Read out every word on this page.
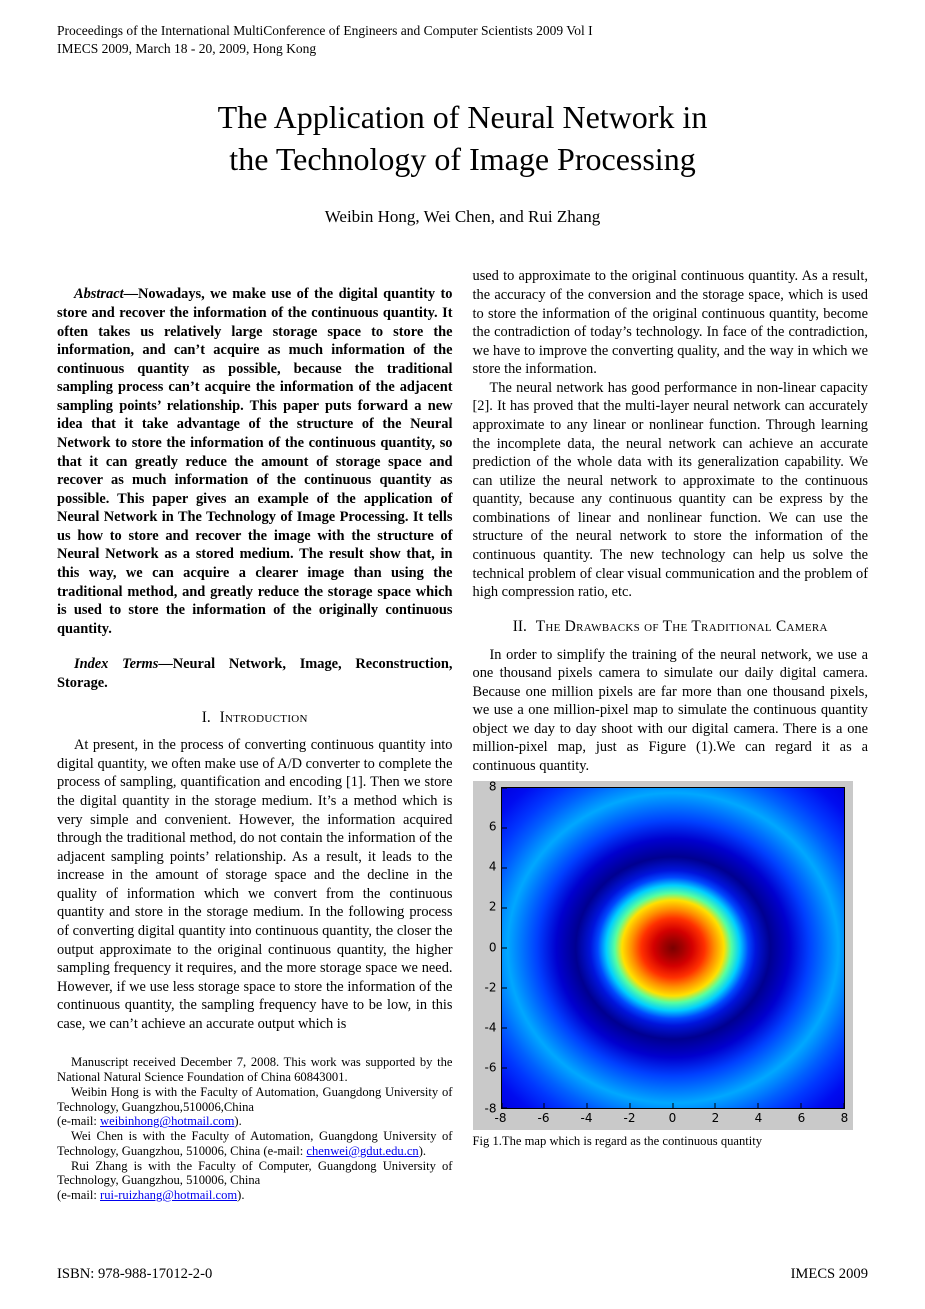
Proceedings of the International MultiConference of Engineers and Computer Scientists 2009 Vol I
IMECS 2009, March 18 - 20, 2009, Hong Kong
The Application of Neural Network in
the Technology of Image Processing
Weibin Hong, Wei Chen, and Rui Zhang

Abstract—Nowadays, we make use of the digital quantity to store and recover the information of the continuous quantity. It often takes us relatively large storage space to store the information, and can’t acquire as much information of the continuous quantity as possible, because the traditional sampling process can’t acquire the information of the adjacent sampling points’ relationship. This paper puts forward a new idea that it take advantage of the structure of the Neural Network to store the information of the continuous quantity, so that it can greatly reduce the amount of storage space and recover as much information of the continuous quantity as possible. This paper gives an example of the application of Neural Network in The Technology of Image Processing. It tells us how to store and recover the image with the structure of Neural Network as a stored medium. The result show that, in this way, we can acquire a clearer image than using the traditional method, and greatly reduce the storage space which is used to store the information of the originally continuous quantity.

Index Terms—Neural Network, Image, Reconstruction, Storage.

I. Introduction

At present, in the process of converting continuous quantity into digital quantity, we often make use of A/D converter to complete the process of sampling, quantification and encoding [1]. Then we store the digital quantity in the storage medium. It’s a method which is very simple and convenient. However, the information acquired through the traditional method, do not contain the information of the adjacent sampling points’ relationship. As a result, it leads to the increase in the amount of storage space and the decline in the quality of information which we convert from the continuous quantity and store in the storage medium. In the following process of converting digital quantity into continuous quantity, the closer the output approximate to the original continuous quantity, the higher sampling frequency it requires, and the more storage space we need. However, if we use less storage space to store the information of the continuous quantity, the sampling frequency have to be low, in this case, we can’t achieve an accurate output which is

Manuscript received December 7, 2008. This work was supported by the National Natural Science Foundation of China 60843001.

Weibin Hong is with the Faculty of Automation, Guangdong University of Technology, Guangzhou,510006,China
(e-mail: weibinhong@hotmail.com).

Wei Chen is with the Faculty of Automation, Guangdong University of Technology, Guangzhou, 510006, China (e-mail: chenwei@gdut.edu.cn).

Rui Zhang is with the Faculty of Computer, Guangdong University of Technology, Guangzhou, 510006, China
(e-mail: rui-ruizhang@hotmail.com).

used to approximate to the original continuous quantity. As a result, the accuracy of the conversion and the storage space, which is used to store the information of the original continuous quantity, become the contradiction of today’s technology. In face of the contradiction, we have to improve the converting quality, and the way in which we store the information.

The neural network has good performance in non-linear capacity [2]. It has proved that the multi-layer neural network can accurately approximate to any linear or nonlinear function. Through learning the incomplete data, the neural network can achieve an accurate prediction of the whole data with its generalization capability. We can utilize the neural network to approximate to the continuous quantity, because any continuous quantity can be express by the combinations of linear and nonlinear function. We can use the structure of the neural network to store the information of the continuous quantity. The new technology can help us solve the technical problem of clear visual communication and the problem of high compression ratio, etc.

II. The Drawbacks of The Traditional Camera

In order to simplify the training of the neural network, we use a one thousand pixels camera to simulate our daily digital camera. Because one million pixels are far more than one thousand pixels, we use a one million-pixel map to simulate the continuous quantity object we day to day shoot with our digital camera. There is a one million-pixel map, just as Figure (1).We can regard it as a continuous quantity.

8
6
4
2
0
-2
-4
-6
-8
-8	-6	-4	-2	0	2	4	6	8
Fig 1.The map which is regard as the continuous quantity
ISBN: 978-988-17012-2-0	IMECS 2009
